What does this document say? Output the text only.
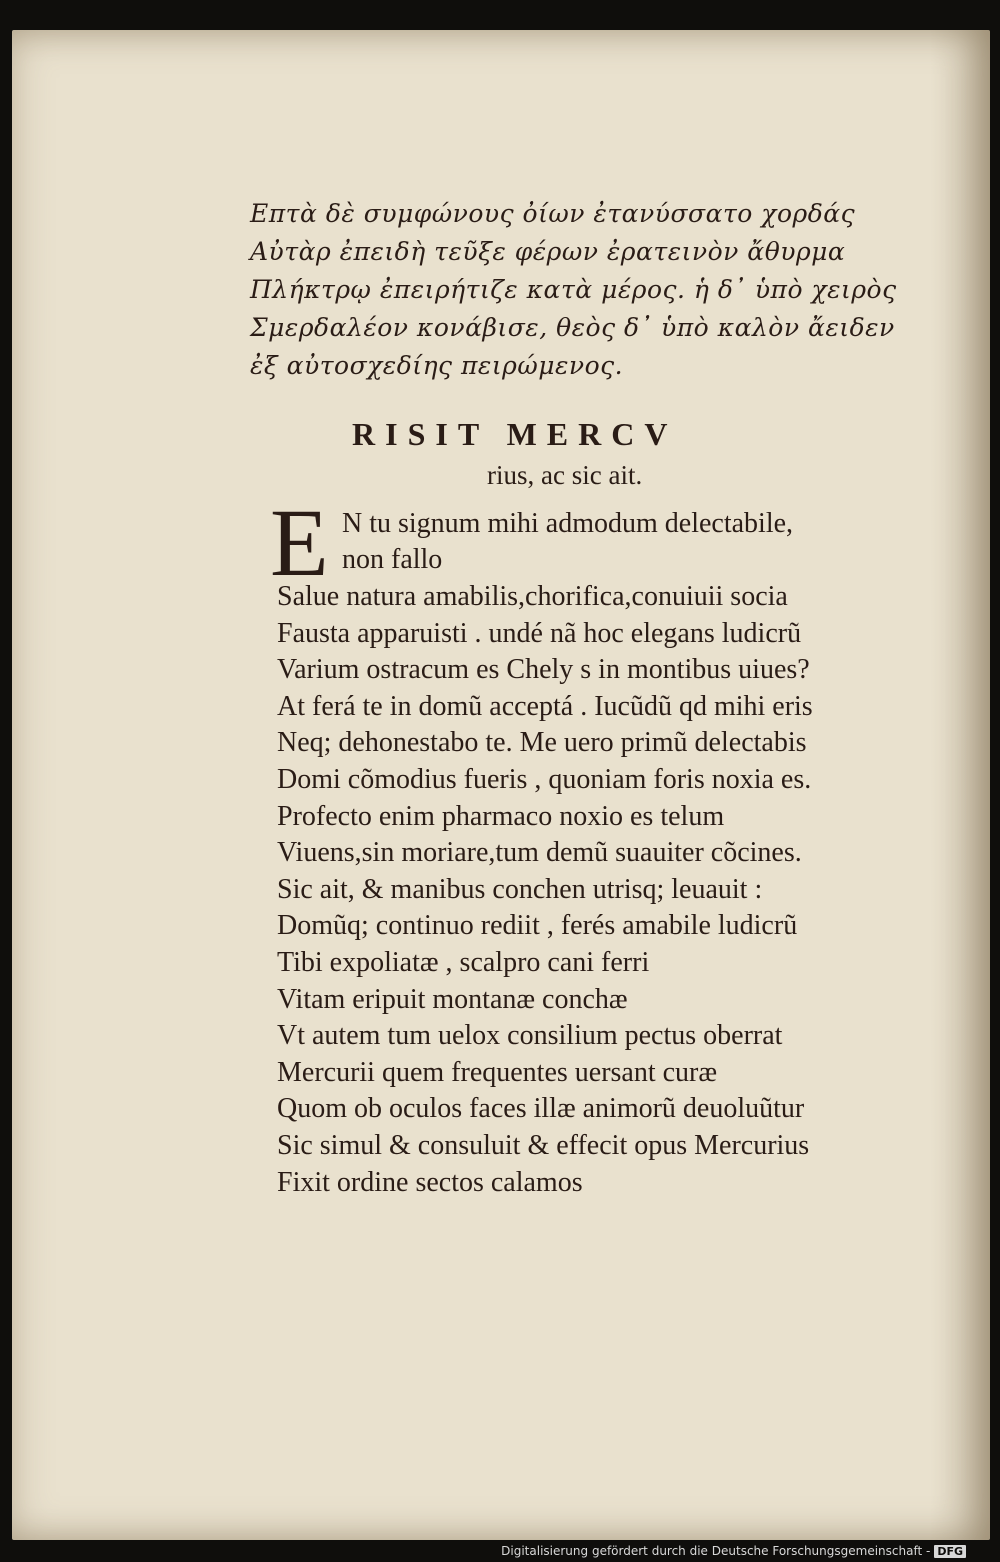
Επτὰ δὲ συμφώνους ὀίων ἐτανύσσατο χορδάς
Αὐτὰρ ἐπειδὴ τεῦξε φέρων ἐρατεινὸν ἄθυρμα
Πλήκτρῳ ἐπειρήτιζε κατὰ μέρος. ἡ δ᾽ ὑπὸ χειρὸς
Σμερδαλέον κονάβισε, θεὸς δ᾽ ὑπὸ καλὸν ἄειδεν
ἐξ αὐτοσχεδίης πειρώμενος.
RISIT MERCV
rius, ac sic ait.
E N tu signum mihi admodum delectabile,
non fallo
Salue natura amabilis,chorifica,conuiuii socia
Fausta apparuisti . undé nã hoc elegans ludicrũ
Varium ostracum es Chely s in montibus uiues?
At ferá te in domũ acceptá . Iucũdũ qd mihi eris
Neq; dehonestabo te. Me uero primũ delectabis
Domi cõmodius fueris , quoniam foris noxia es.
Profecto enim pharmaco noxio es telum
Viuens,sin moriare,tum demũ suauiter cõcines.
Sic ait, & manibus conchen utrisq; leuauit :
Domũq; continuo rediit , ferés amabile ludicrũ
Tibi expoliatæ , scalpro cani ferri
Vitam eripuit montanæ conchæ
Vt autem tum uelox consilium pectus oberrat
Mercurii quem frequentes uersant curæ
Quom ob oculos faces illæ animorũ deuoluũtur
Sic simul & consuluit & effecit opus Mercurius
Fixit ordine sectos calamos
Digitalisierung gefördert durch die Deutsche Forschungsgemeinschaft - DFG
